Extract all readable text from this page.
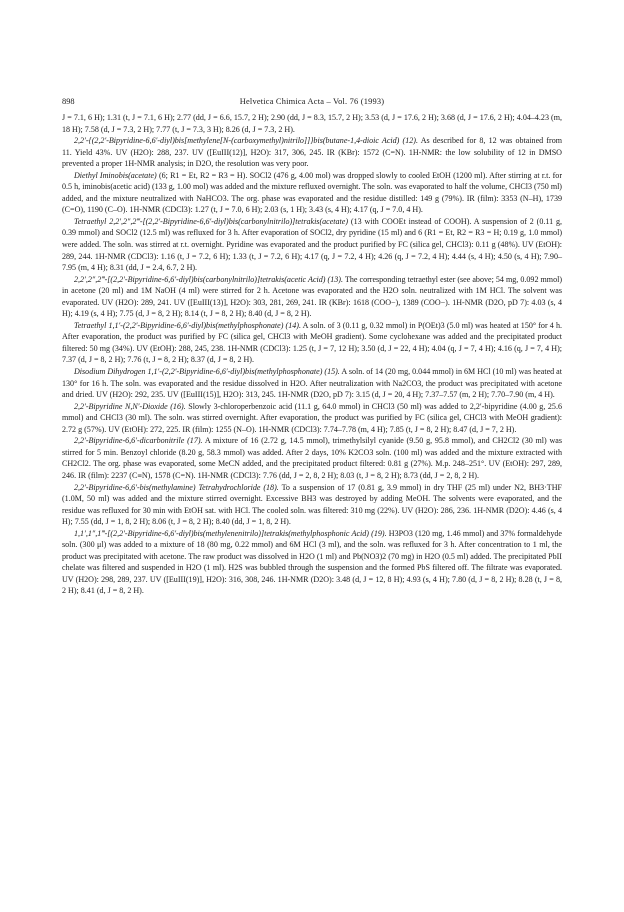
898	Helvetica Chimica Acta – Vol. 76 (1993)

J = 7.1, 6 H); 1.31 (t, J = 7.1, 6 H); 2.77 (dd, J = 6.6, 15.7, 2 H); 2.90 (dd, J = 8.3, 15.7, 2 H); 3.53 (d, J = 17.6, 2 H); 3.68 (d, J = 17.6, 2 H); 4.04–4.23 (m, 18 H); 7.58 (d, J = 7.3, 2 H); 7.77 (t, J = 7.3, 3 H); 8.26 (d, J = 7.3, 2 H).

2,2′-{(2,2′-Bipyridine-6,6′-diyl)bis[methylene[N-(carboxymethyl)nitrilo]]}bis(butane-1,4-dioic Acid) (12). As described for 8, 12 was obtained from 11. Yield 43%. UV (H2O): 288, 237. UV ([EuIII(12)], H2O): 317, 306, 245. IR (KBr): 1572 (C=N). 1H-NMR: the low solubility of 12 in DMSO prevented a proper 1H-NMR analysis; in D2O, the resolution was very poor.

Diethyl Iminobis(acetate) (6; R1 = Et, R2 = R3 = H). SOCl2 (476 g, 4.00 mol) was dropped slowly to cooled EtOH (1200 ml). After stirring at r.t. for 0.5 h, iminobis(acetic acid) (133 g, 1.00 mol) was added and the mixture refluxed overnight. The soln. was evaporated to half the volume, CHCl3 (750 ml) added, and the mixture neutralized with NaHCO3. The org. phase was evaporated and the residue distilled: 149 g (79%). IR (film): 3353 (N–H), 1739 (C=O), 1190 (C–O). 1H-NMR (CDCl3): 1.27 (t, J = 7.0, 6 H); 2.03 (s, 1 H); 3.43 (s, 4 H); 4.17 (q, J = 7.0, 4 H).

Tetraethyl 2,2′,2″,2‴-[(2,2′-Bipyridine-6,6′-diyl)bis(carbonylnitrilo)]tetrakis(acetate) (13 with COOEt instead of COOH). A suspension of 2 (0.11 g, 0.39 mmol) and SOCl2 (12.5 ml) was refluxed for 3 h. After evaporation of SOCl2, dry pyridine (15 ml) and 6 (R1 = Et, R2 = R3 = H; 0.19 g, 1.0 mmol) were added. The soln. was stirred at r.t. overnight. Pyridine was evaporated and the product purified by FC (silica gel, CHCl3): 0.11 g (48%). UV (EtOH): 289, 244. 1H-NMR (CDCl3): 1.16 (t, J = 7.2, 6 H); 1.33 (t, J = 7.2, 6 H); 4.17 (q, J = 7.2, 4 H); 4.26 (q, J = 7.2, 4 H); 4.44 (s, 4 H); 4.50 (s, 4 H); 7.90–7.95 (m, 4 H); 8.31 (dd, J = 2.4, 6.7, 2 H).

2,2′,2″,2‴-[(2,2′-Bipyridine-6,6′-diyl)bis(carbonylnitrilo)]tetrakis(acetic Acid) (13). The corresponding tetraethyl ester (see above; 54 mg, 0.092 mmol) in acetone (20 ml) and 1M NaOH (4 ml) were stirred for 2 h. Acetone was evaporated and the H2O soln. neutralized with 1M HCl. The solvent was evaporated. UV (H2O): 289, 241. UV ([EuIII(13)], H2O): 303, 281, 269, 241. IR (KBr): 1618 (COO−), 1389 (COO−). 1H-NMR (D2O, pD 7): 4.03 (s, 4 H); 4.19 (s, 4 H); 7.75 (d, J = 8, 2 H); 8.14 (t, J = 8, 2 H); 8.40 (d, J = 8, 2 H).

Tetraethyl 1,1′-(2,2′-Bipyridine-6,6′-diyl)bis(methylphosphonate) (14). A soln. of 3 (0.11 g, 0.32 mmol) in P(OEt)3 (5.0 ml) was heated at 150° for 4 h. After evaporation, the product was purified by FC (silica gel, CHCl3 with MeOH gradient). Some cyclohexane was added and the precipitated product filtered: 50 mg (34%). UV (EtOH): 288, 245, 238. 1H-NMR (CDCl3): 1.25 (t, J = 7, 12 H); 3.50 (d, J = 22, 4 H); 4.04 (q, J = 7, 4 H); 4.16 (q, J = 7, 4 H); 7.37 (d, J = 8, 2 H); 7.76 (t, J = 8, 2 H); 8.37 (d, J = 8, 2 H).

Disodium Dihydrogen 1,1′-(2,2′-Bipyridine-6,6′-diyl)bis(methylphosphonate) (15). A soln. of 14 (20 mg, 0.044 mmol) in 6M HCl (10 ml) was heated at 130° for 16 h. The soln. was evaporated and the residue dissolved in H2O. After neutralization with Na2CO3, the product was precipitated with acetone and dried. UV (H2O): 292, 235. UV ([EuIII(15)], H2O): 313, 245. 1H-NMR (D2O, pD 7): 3.15 (d, J = 20, 4 H); 7.37–7.57 (m, 2 H); 7.70–7.90 (m, 4 H).

2,2′-Bipyridine N,N′-Dioxide (16). Slowly 3-chloroperbenzoic acid (11.1 g, 64.0 mmol) in CHCl3 (50 ml) was added to 2,2′-bipyridine (4.00 g, 25.6 mmol) and CHCl3 (30 ml). The soln. was stirred overnight. After evaporation, the product was purified by FC (silica gel, CHCl3 with MeOH gradient): 2.72 g (57%). UV (EtOH): 272, 225. IR (film): 1255 (N–O). 1H-NMR (CDCl3): 7.74–7.78 (m, 4 H); 7.85 (t, J = 8, 2 H); 8.47 (d, J = 7, 2 H).

2,2′-Bipyridine-6,6′-dicarbonitrile (17). A mixture of 16 (2.72 g, 14.5 mmol), trimethylsilyl cyanide (9.50 g, 95.8 mmol), and CH2Cl2 (30 ml) was stirred for 5 min. Benzoyl chloride (8.20 g, 58.3 mmol) was added. After 2 days, 10% K2CO3 soln. (100 ml) was added and the mixture extracted with CH2Cl2. The org. phase was evaporated, some MeCN added, and the precipitated product filtered: 0.81 g (27%). M.p. 248–251°. UV (EtOH): 297, 289, 246. IR (film): 2237 (C≡N), 1578 (C=N). 1H-NMR (CDCl3): 7.76 (dd, J = 2, 8, 2 H); 8.03 (t, J = 8, 2 H); 8.73 (dd, J = 2, 8, 2 H).

2,2′-Bipyridine-6,6′-bis(methylamine) Tetrahydrochloride (18). To a suspension of 17 (0.81 g, 3.9 mmol) in dry THF (25 ml) under N2, BH3·THF (1.0M, 50 ml) was added and the mixture stirred overnight. Excessive BH3 was destroyed by adding MeOH. The solvents were evaporated, and the residue was refluxed for 30 min with EtOH sat. with HCl. The cooled soln. was filtered: 310 mg (22%). UV (H2O): 286, 236. 1H-NMR (D2O): 4.46 (s, 4 H); 7.55 (dd, J = 1, 8, 2 H); 8.06 (t, J = 8, 2 H); 8.40 (dd, J = 1, 8, 2 H).

1,1′,1″,1‴-[(2,2′-Bipyridine-6,6′-diyl)bis(methylenenitrilo)]tetrakis(methylphosphonic Acid) (19). H3PO3 (120 mg, 1.46 mmol) and 37% formaldehyde soln. (300 μl) was added to a mixture of 18 (80 mg, 0.22 mmol) and 6M HCl (3 ml), and the soln. was refluxed for 3 h. After concentration to 1 ml, the product was precipitated with acetone. The raw product was dissolved in H2O (1 ml) and Pb(NO3)2 (70 mg) in H2O (0.5 ml) added. The precipitated PbII chelate was filtered and suspended in H2O (1 ml). H2S was bubbled through the suspension and the formed PbS filtered off. The filtrate was evaporated. UV (H2O): 298, 289, 237. UV ([EuIII(19)], H2O): 316, 308, 246. 1H-NMR (D2O): 3.48 (d, J = 12, 8 H); 4.93 (s, 4 H); 7.80 (d, J = 8, 2 H); 8.28 (t, J = 8, 2 H); 8.41 (d, J = 8, 2 H).
